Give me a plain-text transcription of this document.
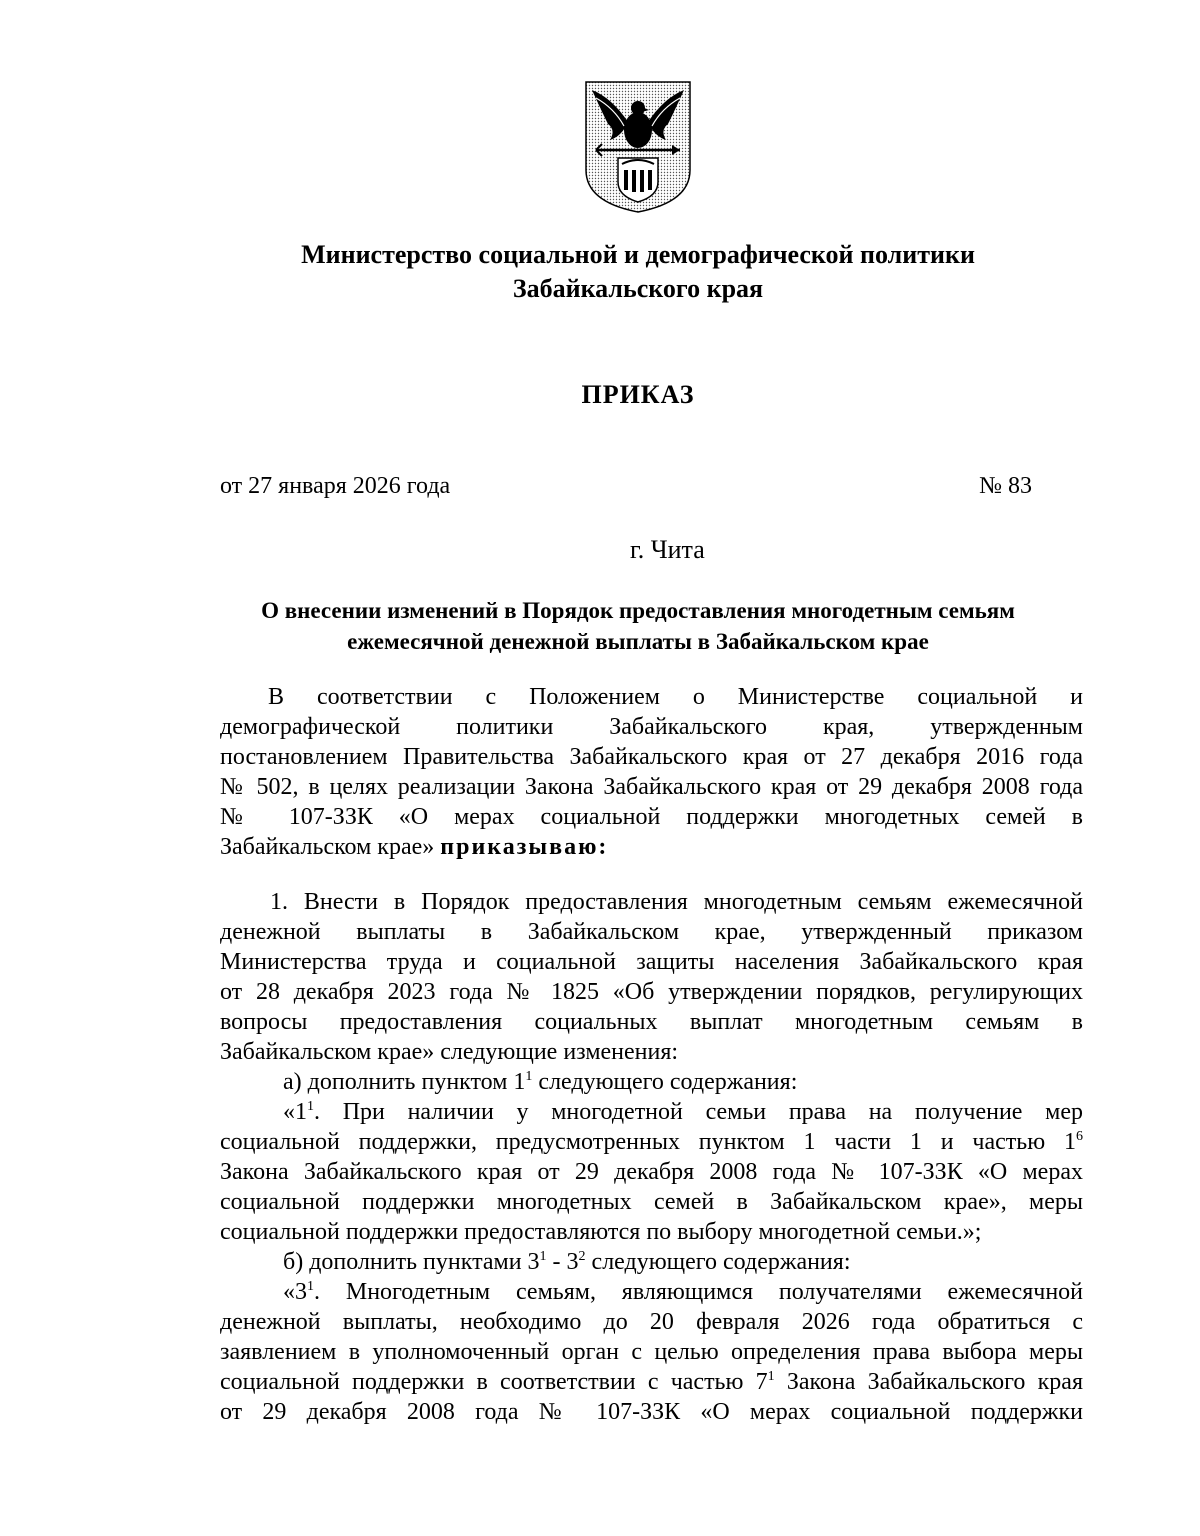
Министерство социальной и демографической политики
Забайкальского края
ПРИКАЗ
от 27 января 2026 года	№ 83
г. Чита
О внесении изменений в Порядок предоставления многодетным семьям
ежемесячной денежной выплаты в Забайкальском крае
В соответствии с Положением о Министерстве социальной и
демографической политики Забайкальского края, утвержденным
постановлением Правительства Забайкальского края от 27 декабря 2016 года
№ 502, в целях реализации Закона Забайкальского края от 29 декабря 2008 года
№ 107-ЗЗК «О мерах социальной поддержки многодетных семей в
Забайкальском крае» приказываю:
1. Внести в Порядок предоставления многодетным семьям ежемесячной
денежной выплаты в Забайкальском крае, утвержденный приказом
Министерства труда и социальной защиты населения Забайкальского края
от 28 декабря 2023 года № 1825 «Об утверждении порядков, регулирующих
вопросы предоставления социальных выплат многодетным семьям в
Забайкальском крае» следующие изменения:
а) дополнить пунктом $1^1$ следующего содержания:
«$1^1$. При наличии у многодетной семьи права на получение мер
социальной поддержки, предусмотренных пунктом 1 части 1 и частью $1^6$
Закона Забайкальского края от 29 декабря 2008 года № 107-ЗЗК «О мерах
социальной поддержки многодетных семей в Забайкальском крае», меры
социальной поддержки предоставляются по выбору многодетной семьи.»;
б) дополнить пунктами $3^1 - 3^2$ следующего содержания:
«$3^1$. Многодетным семьям, являющимся получателями ежемесячной
денежной выплаты, необходимо до 20 февраля 2026 года обратиться с
заявлением в уполномоченный орган с целью определения права выбора меры
социальной поддержки в соответствии с частью $7^1$ Закона Забайкальского края
от 29 декабря 2008 года № 107-ЗЗК «О мерах социальной поддержки
